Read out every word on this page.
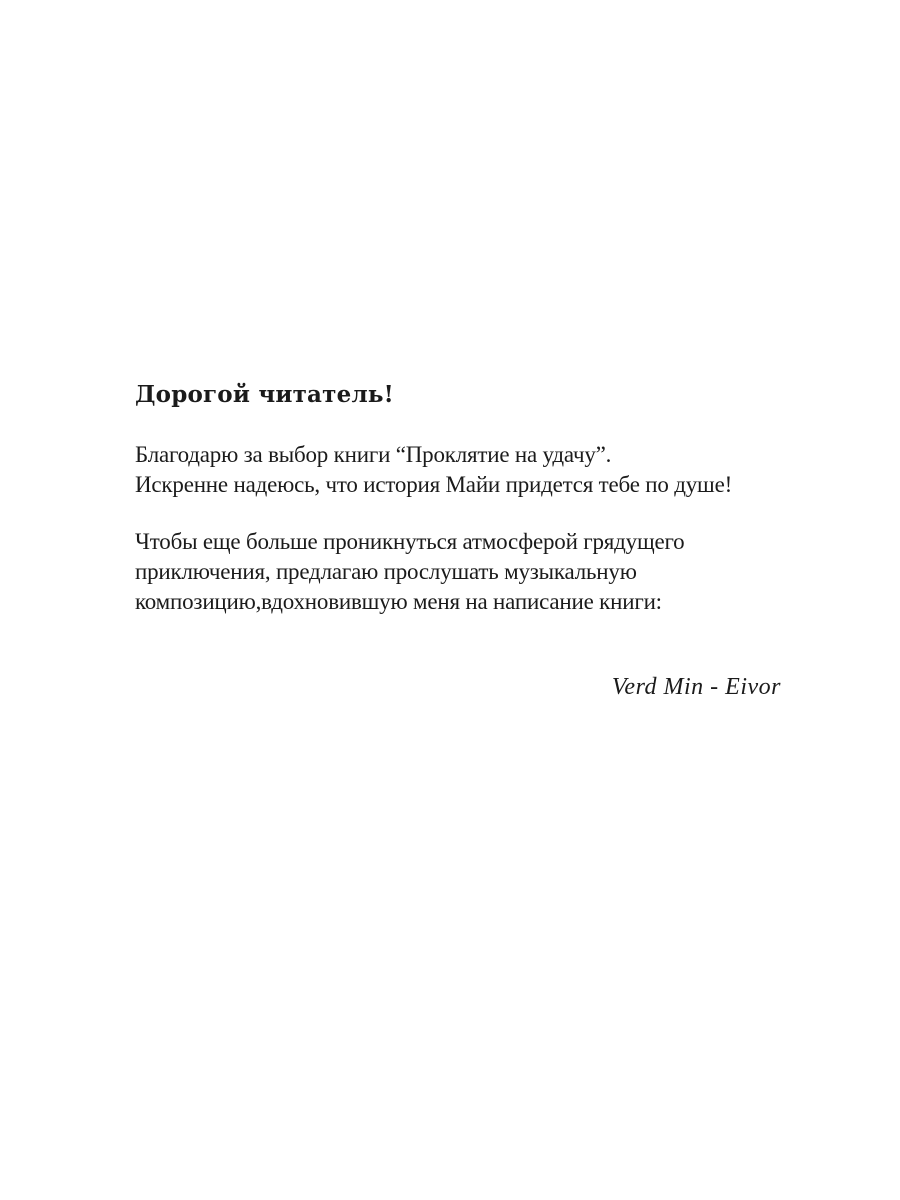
Дорогой читатель!

Благодарю за выбор книги “Проклятие на удачу”.
Искренне надеюсь, что история Майи придется тебе по душе!

Чтобы еще больше проникнуться атмосферой грядущего
приключения, предлагаю прослушать музыкальную
композицию,вдохновившую меня на написание книги:

Verd Min - Eivor
